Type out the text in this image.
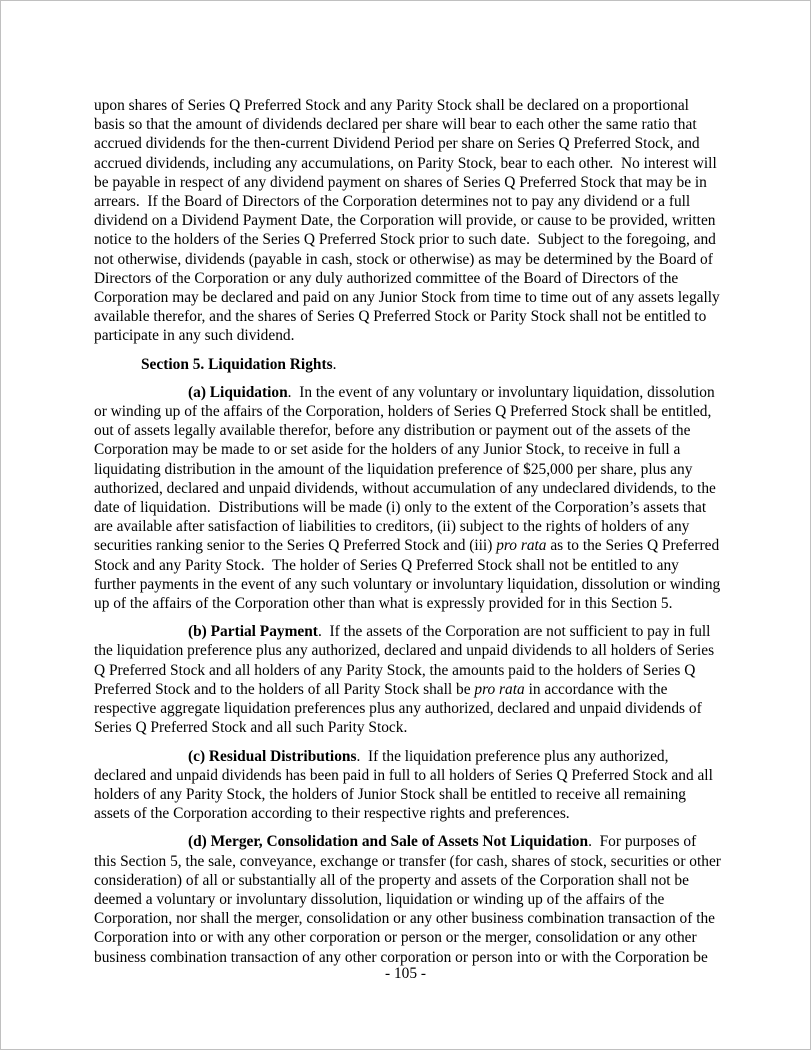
upon shares of Series Q Preferred Stock and any Parity Stock shall be declared on a proportional basis so that the amount of dividends declared per share will bear to each other the same ratio that accrued dividends for the then-current Dividend Period per share on Series Q Preferred Stock, and accrued dividends, including any accumulations, on Parity Stock, bear to each other.  No interest will be payable in respect of any dividend payment on shares of Series Q Preferred Stock that may be in arrears.  If the Board of Directors of the Corporation determines not to pay any dividend or a full dividend on a Dividend Payment Date, the Corporation will provide, or cause to be provided, written notice to the holders of the Series Q Preferred Stock prior to such date.  Subject to the foregoing, and not otherwise, dividends (payable in cash, stock or otherwise) as may be determined by the Board of Directors of the Corporation or any duly authorized committee of the Board of Directors of the Corporation may be declared and paid on any Junior Stock from time to time out of any assets legally available therefor, and the shares of Series Q Preferred Stock or Parity Stock shall not be entitled to participate in any such dividend.

Section 5. Liquidation Rights.

(a) Liquidation.  In the event of any voluntary or involuntary liquidation, dissolution or winding up of the affairs of the Corporation, holders of Series Q Preferred Stock shall be entitled, out of assets legally available therefor, before any distribution or payment out of the assets of the Corporation may be made to or set aside for the holders of any Junior Stock, to receive in full a liquidating distribution in the amount of the liquidation preference of $25,000 per share, plus any authorized, declared and unpaid dividends, without accumulation of any undeclared dividends, to the date of liquidation.  Distributions will be made (i) only to the extent of the Corporation’s assets that are available after satisfaction of liabilities to creditors, (ii) subject to the rights of holders of any securities ranking senior to the Series Q Preferred Stock and (iii) pro rata as to the Series Q Preferred Stock and any Parity Stock.  The holder of Series Q Preferred Stock shall not be entitled to any further payments in the event of any such voluntary or involuntary liquidation, dissolution or winding up of the affairs of the Corporation other than what is expressly provided for in this Section 5.

(b) Partial Payment.  If the assets of the Corporation are not sufficient to pay in full the liquidation preference plus any authorized, declared and unpaid dividends to all holders of Series Q Preferred Stock and all holders of any Parity Stock, the amounts paid to the holders of Series Q Preferred Stock and to the holders of all Parity Stock shall be pro rata in accordance with the respective aggregate liquidation preferences plus any authorized, declared and unpaid dividends of Series Q Preferred Stock and all such Parity Stock.

(c) Residual Distributions.  If the liquidation preference plus any authorized, declared and unpaid dividends has been paid in full to all holders of Series Q Preferred Stock and all holders of any Parity Stock, the holders of Junior Stock shall be entitled to receive all remaining assets of the Corporation according to their respective rights and preferences.

(d) Merger, Consolidation and Sale of Assets Not Liquidation.  For purposes of this Section 5, the sale, conveyance, exchange or transfer (for cash, shares of stock, securities or other consideration) of all or substantially all of the property and assets of the Corporation shall not be deemed a voluntary or involuntary dissolution, liquidation or winding up of the affairs of the Corporation, nor shall the merger, consolidation or any other business combination transaction of the Corporation into or with any other corporation or person or the merger, consolidation or any other business combination transaction of any other corporation or person into or with the Corporation be

- 105 -
